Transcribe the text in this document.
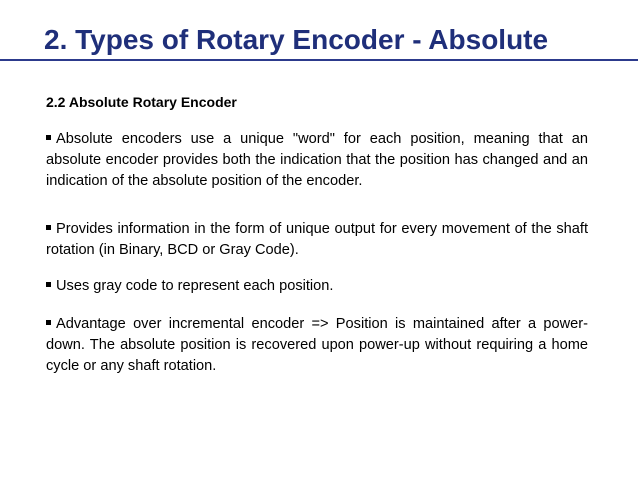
2. Types of Rotary Encoder - Absolute
2.2 Absolute Rotary Encoder

Absolute encoders use a unique "word" for each position, meaning that an absolute encoder provides both the indication that the position has changed and an indication of the absolute position of the encoder.

Provides information in the form of unique output for every movement of the shaft rotation (in Binary, BCD or Gray Code).

Uses gray code to represent each position.

Advantage over incremental encoder => Position is maintained after a power-down. The absolute position is recovered upon power-up without requiring a home cycle or any shaft rotation.
